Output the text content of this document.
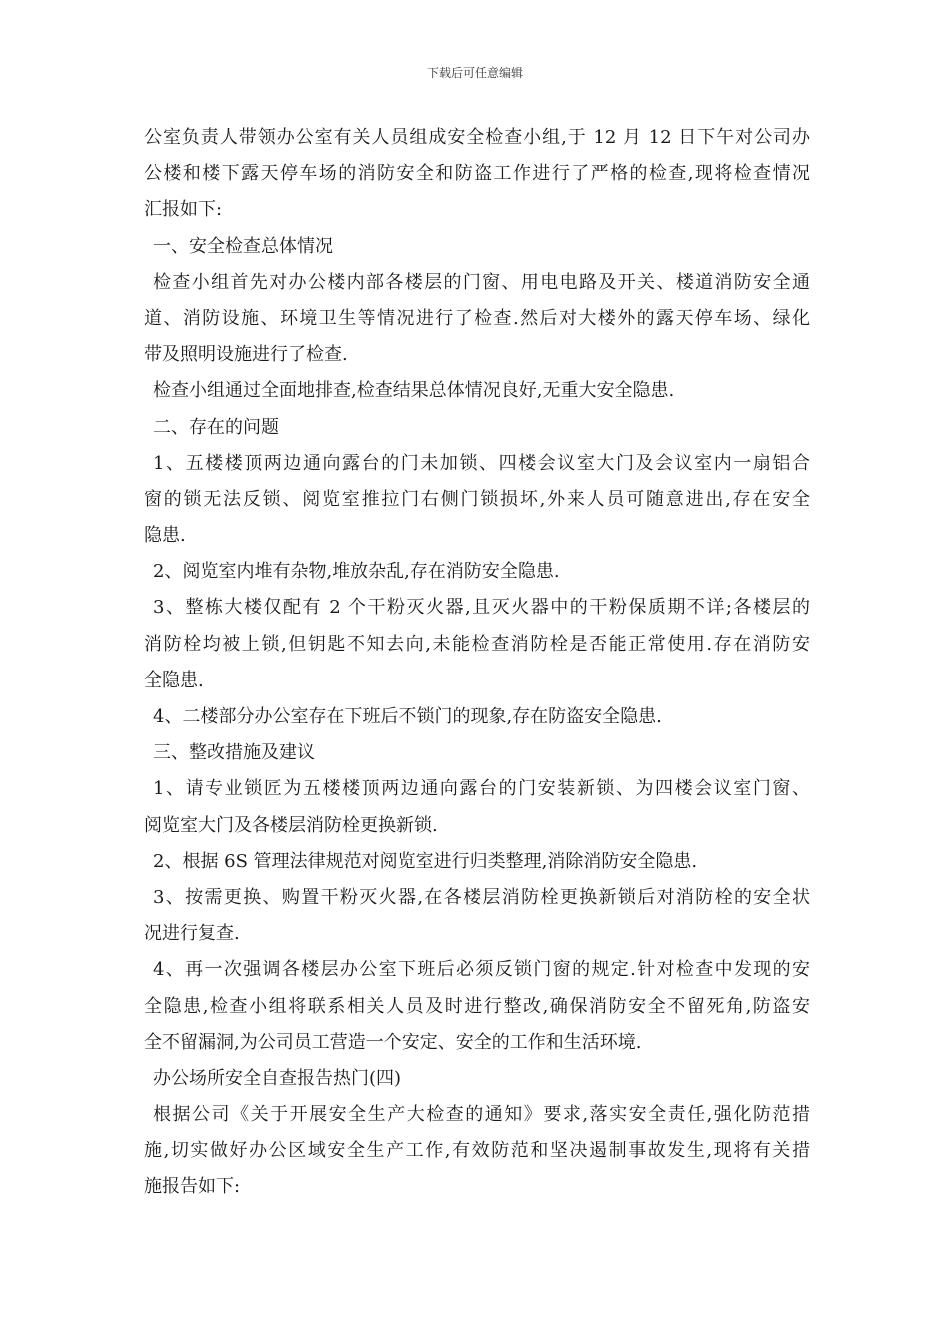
下载后可任意编辑
公室负责人带领办公室有关人员组成安全检查小组,于 12 月 12 日下午对公司办
公楼和楼下露天停车场的消防安全和防盗工作进行了严格的检查,现将检查情况
汇报如下:
一、安全检查总体情况
检查小组首先对办公楼内部各楼层的门窗、用电电路及开关、楼道消防安全通
道、消防设施、环境卫生等情况进行了检查.然后对大楼外的露天停车场、绿化
带及照明设施进行了检查.
检查小组通过全面地排查,检查结果总体情况良好,无重大安全隐患.
二、存在的问题
1、五楼楼顶两边通向露台的门未加锁、四楼会议室大门及会议室内一扇铝合
窗的锁无法反锁、阅览室推拉门右侧门锁损坏,外来人员可随意进出,存在安全
隐患.
2、阅览室内堆有杂物,堆放杂乱,存在消防安全隐患.
3、整栋大楼仅配有 2 个干粉灭火器,且灭火器中的干粉保质期不详;各楼层的
消防栓均被上锁,但钥匙不知去向,未能检查消防栓是否能正常使用.存在消防安
全隐患.
4、二楼部分办公室存在下班后不锁门的现象,存在防盗安全隐患.
三、整改措施及建议
1、请专业锁匠为五楼楼顶两边通向露台的门安装新锁、为四楼会议室门窗、
阅览室大门及各楼层消防栓更换新锁.
2、根据 6S 管理法律规范对阅览室进行归类整理,消除消防安全隐患.
3、按需更换、购置干粉灭火器,在各楼层消防栓更换新锁后对消防栓的安全状
况进行复查.
4、再一次强调各楼层办公室下班后必须反锁门窗的规定.针对检查中发现的安
全隐患,检查小组将联系相关人员及时进行整改,确保消防安全不留死角,防盗安
全不留漏洞,为公司员工营造一个安定、安全的工作和生活环境.
办公场所安全自查报告热门(四)
根据公司《关于开展安全生产大检查的通知》要求,落实安全责任,强化防范措
施,切实做好办公区域安全生产工作,有效防范和坚决遏制事故发生,现将有关措
施报告如下:
